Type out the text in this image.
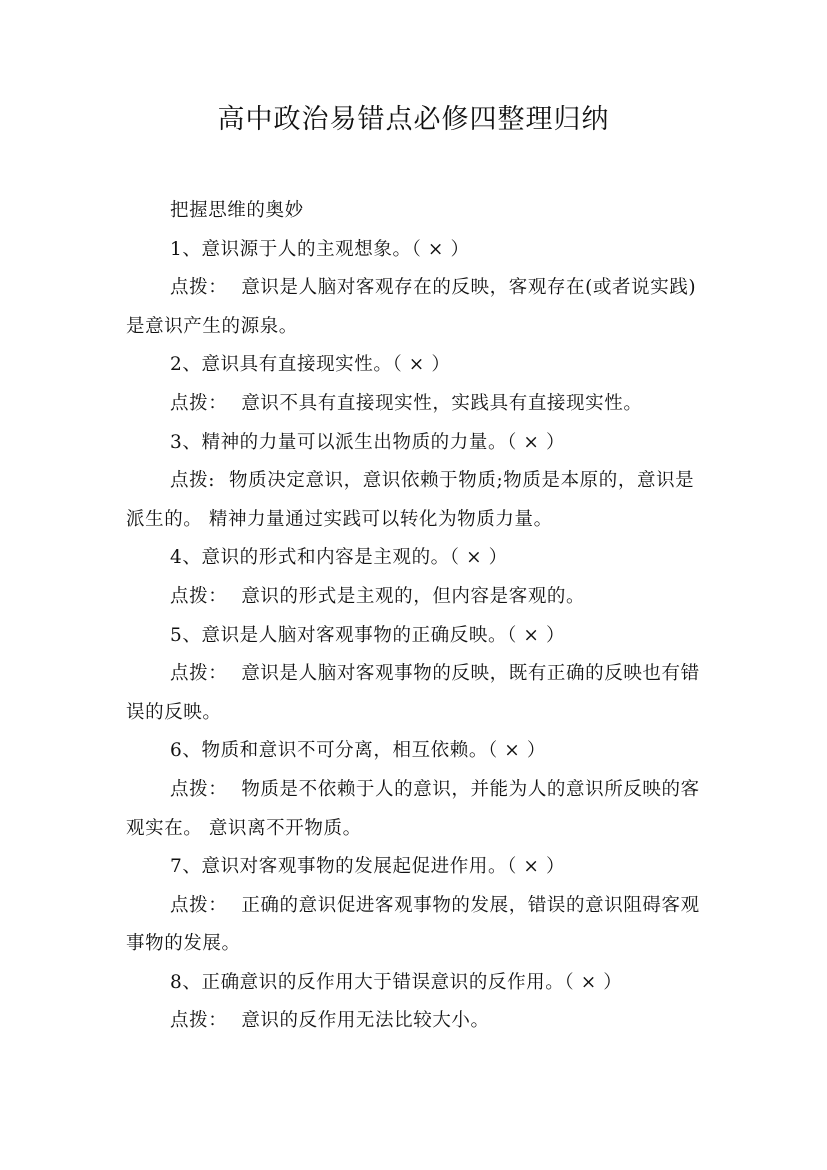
高中政治易错点必修四整理归纳

把握思维的奥妙

1、意识源于人的主观想象。（ × ）

点拨： 意识是人脑对客观存在的反映，客观存在(或者说实践)是意识产生的源泉。

2、意识具有直接现实性。（ × ）

点拨： 意识不具有直接现实性，实践具有直接现实性。

3、精神的力量可以派生出物质的力量。（ × ）

点拨: 物质决定意识，意识依赖于物质;物质是本原的，意识是派生的。 精神力量通过实践可以转化为物质力量。

4、意识的形式和内容是主观的。（ × ）

点拨： 意识的形式是主观的，但内容是客观的。

5、意识是人脑对客观事物的正确反映。（ × ）

点拨： 意识是人脑对客观事物的反映，既有正确的反映也有错误的反映。

6、物质和意识不可分离，相互依赖。（ × ）

点拨： 物质是不依赖于人的意识，并能为人的意识所反映的客观实在。 意识离不开物质。

7、意识对客观事物的发展起促进作用。（ × ）

点拨： 正确的意识促进客观事物的发展，错误的意识阻碍客观事物的发展。

8、正确意识的反作用大于错误意识的反作用。（ × ）

点拨： 意识的反作用无法比较大小。
